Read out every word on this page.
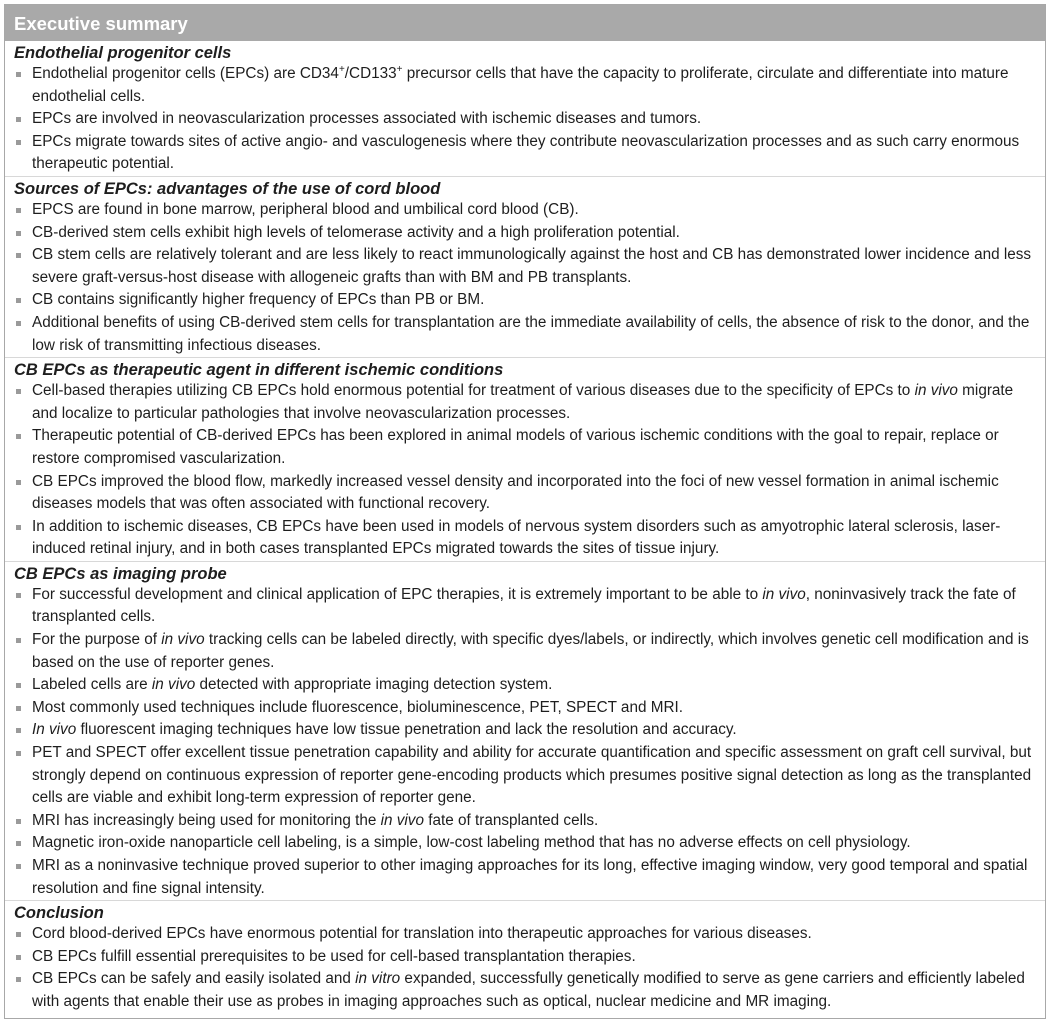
Executive summary
Endothelial progenitor cells
Endothelial progenitor cells (EPCs) are CD34+/CD133+ precursor cells that have the capacity to proliferate, circulate and differentiate into mature endothelial cells.
EPCs are involved in neovascularization processes associated with ischemic diseases and tumors.
EPCs migrate towards sites of active angio- and vasculogenesis where they contribute neovascularization processes and as such carry enormous therapeutic potential.
Sources of EPCs: advantages of the use of cord blood
EPCS are found in bone marrow, peripheral blood and umbilical cord blood (CB).
CB-derived stem cells exhibit high levels of telomerase activity and a high proliferation potential.
CB stem cells are relatively tolerant and are less likely to react immunologically against the host and CB has demonstrated lower incidence and less severe graft-versus-host disease with allogeneic grafts than with BM and PB transplants.
CB contains significantly higher frequency of EPCs than PB or BM.
Additional benefits of using CB-derived stem cells for transplantation are the immediate availability of cells, the absence of risk to the donor, and the low risk of transmitting infectious diseases.
CB EPCs as therapeutic agent in different ischemic conditions
Cell-based therapies utilizing CB EPCs hold enormous potential for treatment of various diseases due to the specificity of EPCs to in vivo migrate and localize to particular pathologies that involve neovascularization processes.
Therapeutic potential of CB-derived EPCs has been explored in animal models of various ischemic conditions with the goal to repair, replace or restore compromised vascularization.
CB EPCs improved the blood flow, markedly increased vessel density and incorporated into the foci of new vessel formation in animal ischemic diseases models that was often associated with functional recovery.
In addition to ischemic diseases, CB EPCs have been used in models of nervous system disorders such as amyotrophic lateral sclerosis, laser-induced retinal injury, and in both cases transplanted EPCs migrated towards the sites of tissue injury.
CB EPCs as imaging probe
For successful development and clinical application of EPC therapies, it is extremely important to be able to in vivo, noninvasively track the fate of transplanted cells.
For the purpose of in vivo tracking cells can be labeled directly, with specific dyes/labels, or indirectly, which involves genetic cell modification and is based on the use of reporter genes.
Labeled cells are in vivo detected with appropriate imaging detection system.
Most commonly used techniques include fluorescence, bioluminescence, PET, SPECT and MRI.
In vivo fluorescent imaging techniques have low tissue penetration and lack the resolution and accuracy.
PET and SPECT offer excellent tissue penetration capability and ability for accurate quantification and specific assessment on graft cell survival, but strongly depend on continuous expression of reporter gene-encoding products which presumes positive signal detection as long as the transplanted cells are viable and exhibit long-term expression of reporter gene.
MRI has increasingly being used for monitoring the in vivo fate of transplanted cells.
Magnetic iron-oxide nanoparticle cell labeling, is a simple, low-cost labeling method that has no adverse effects on cell physiology.
MRI as a noninvasive technique proved superior to other imaging approaches for its long, effective imaging window, very good temporal and spatial resolution and fine signal intensity.
Conclusion
Cord blood-derived EPCs have enormous potential for translation into therapeutic approaches for various diseases.
CB EPCs fulfill essential prerequisites to be used for cell-based transplantation therapies.
CB EPCs can be safely and easily isolated and in vitro expanded, successfully genetically modified to serve as gene carriers and efficiently labeled with agents that enable their use as probes in imaging approaches such as optical, nuclear medicine and MR imaging.
